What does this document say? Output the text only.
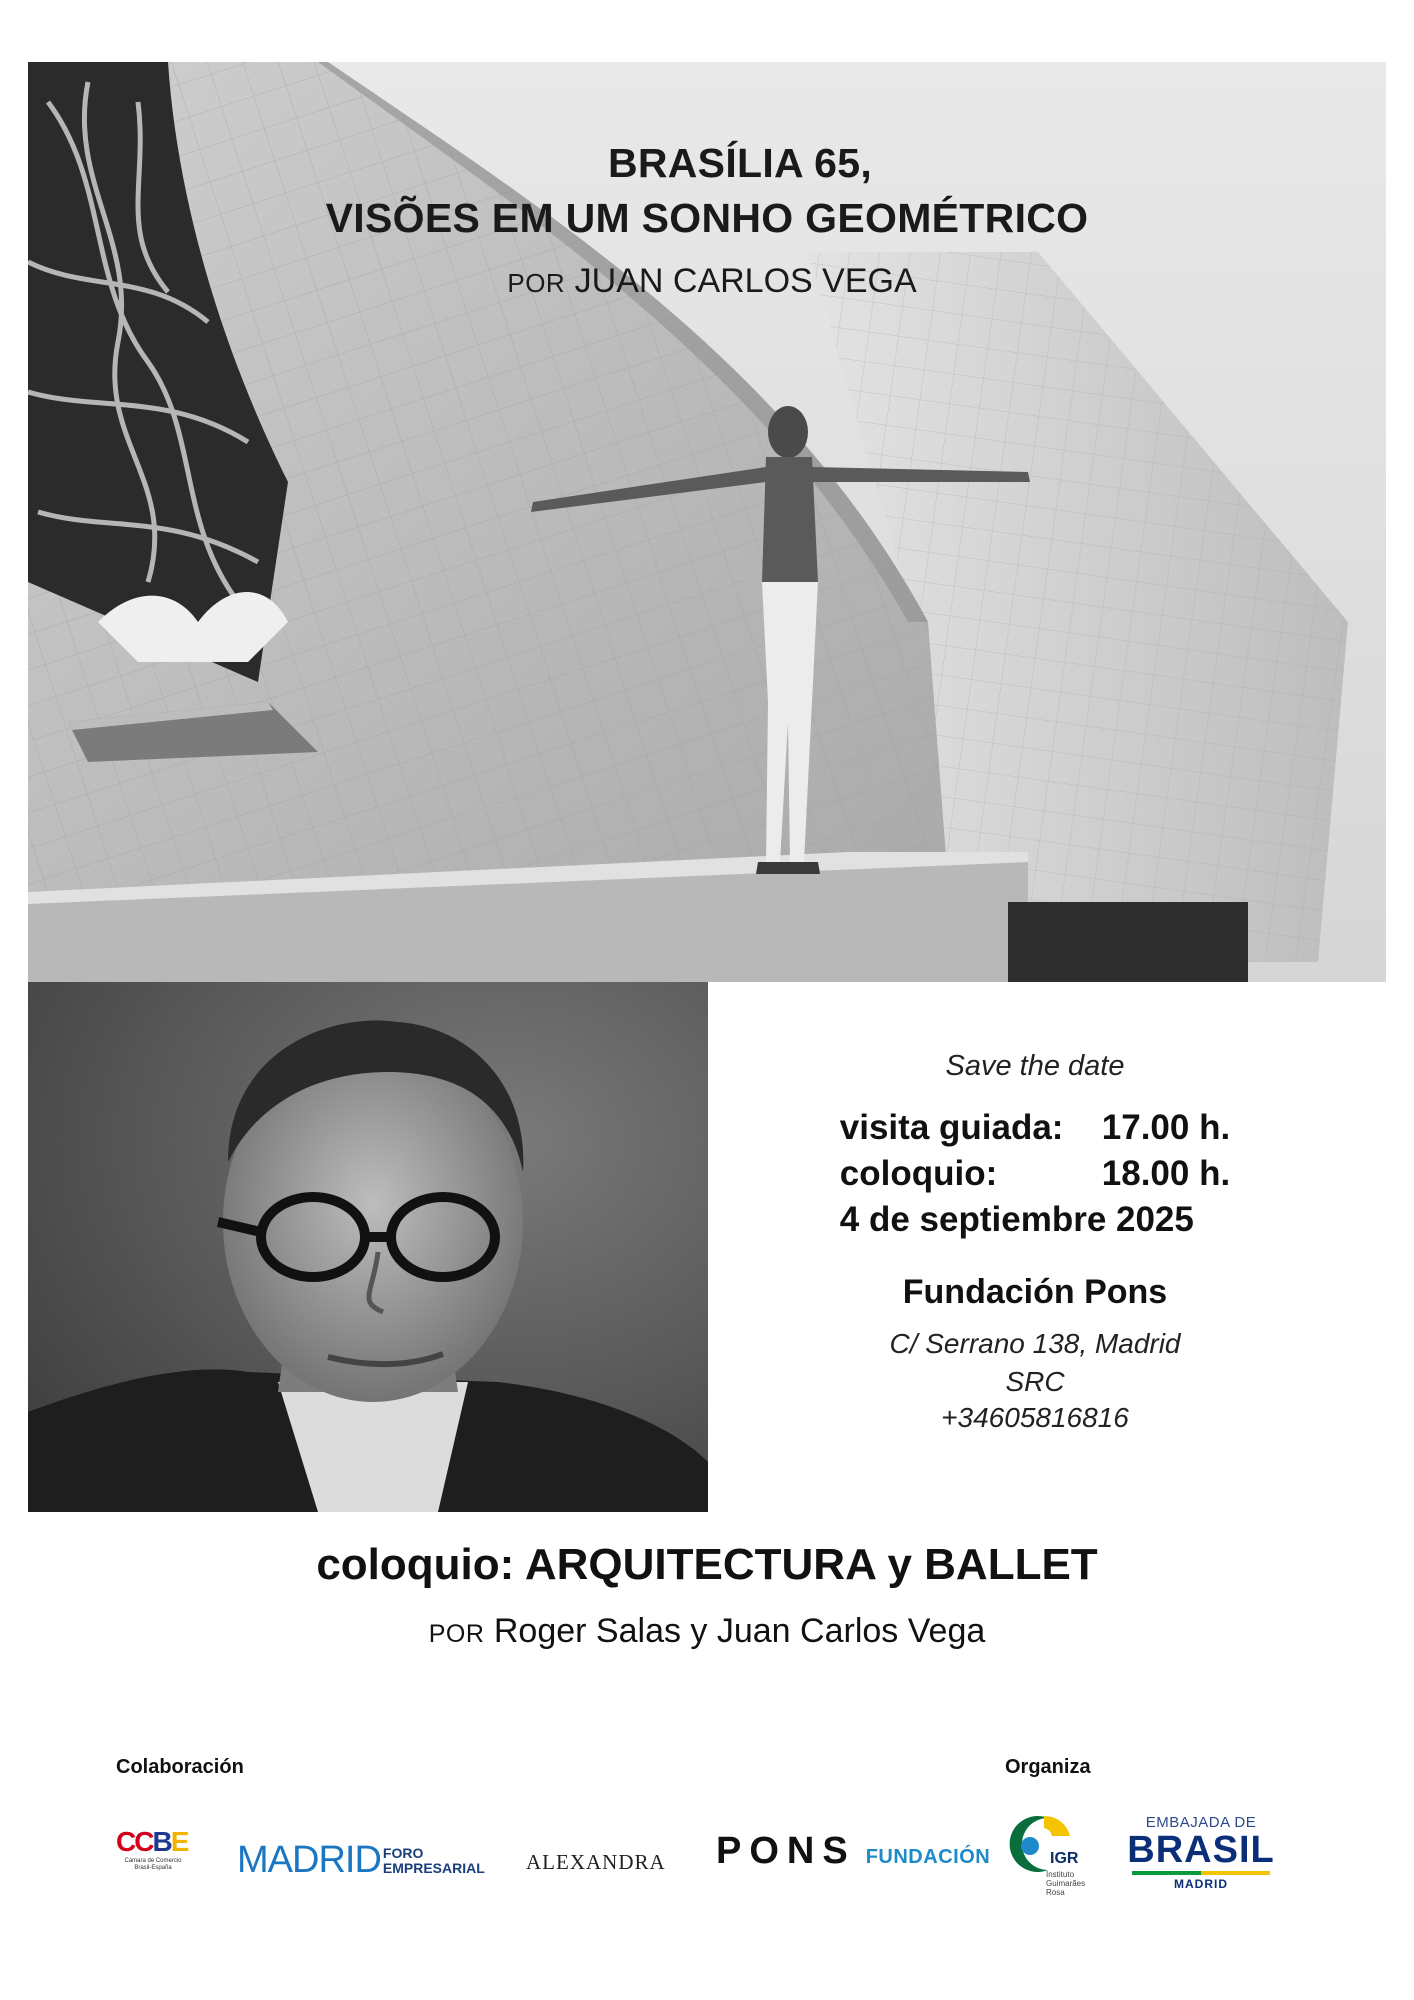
BRASÍLIA 65,
VISÕES EM UM SONHO GEOMÉTRICO
POR JUAN CARLOS VEGA
Save the date
visita guiada: 17.00 h.
coloquio:	18.00 h.
4 de septiembre 2025
Fundación Pons
C/ Serrano 138, Madrid
SRC
+34605816816
coloquio: ARQUITECTURA y BALLET
POR Roger Salas y Juan Carlos Vega
Colaboración	Organiza
CCBE
Cámara de Comercio Brasil-España	MADRID FORO
EMPRESARIAL ALEXANDRA PONS FUNDACIÓN	IGR
Instituto Guimarães Rosa
EMBAJADA DE
BRASIL
MADRID
